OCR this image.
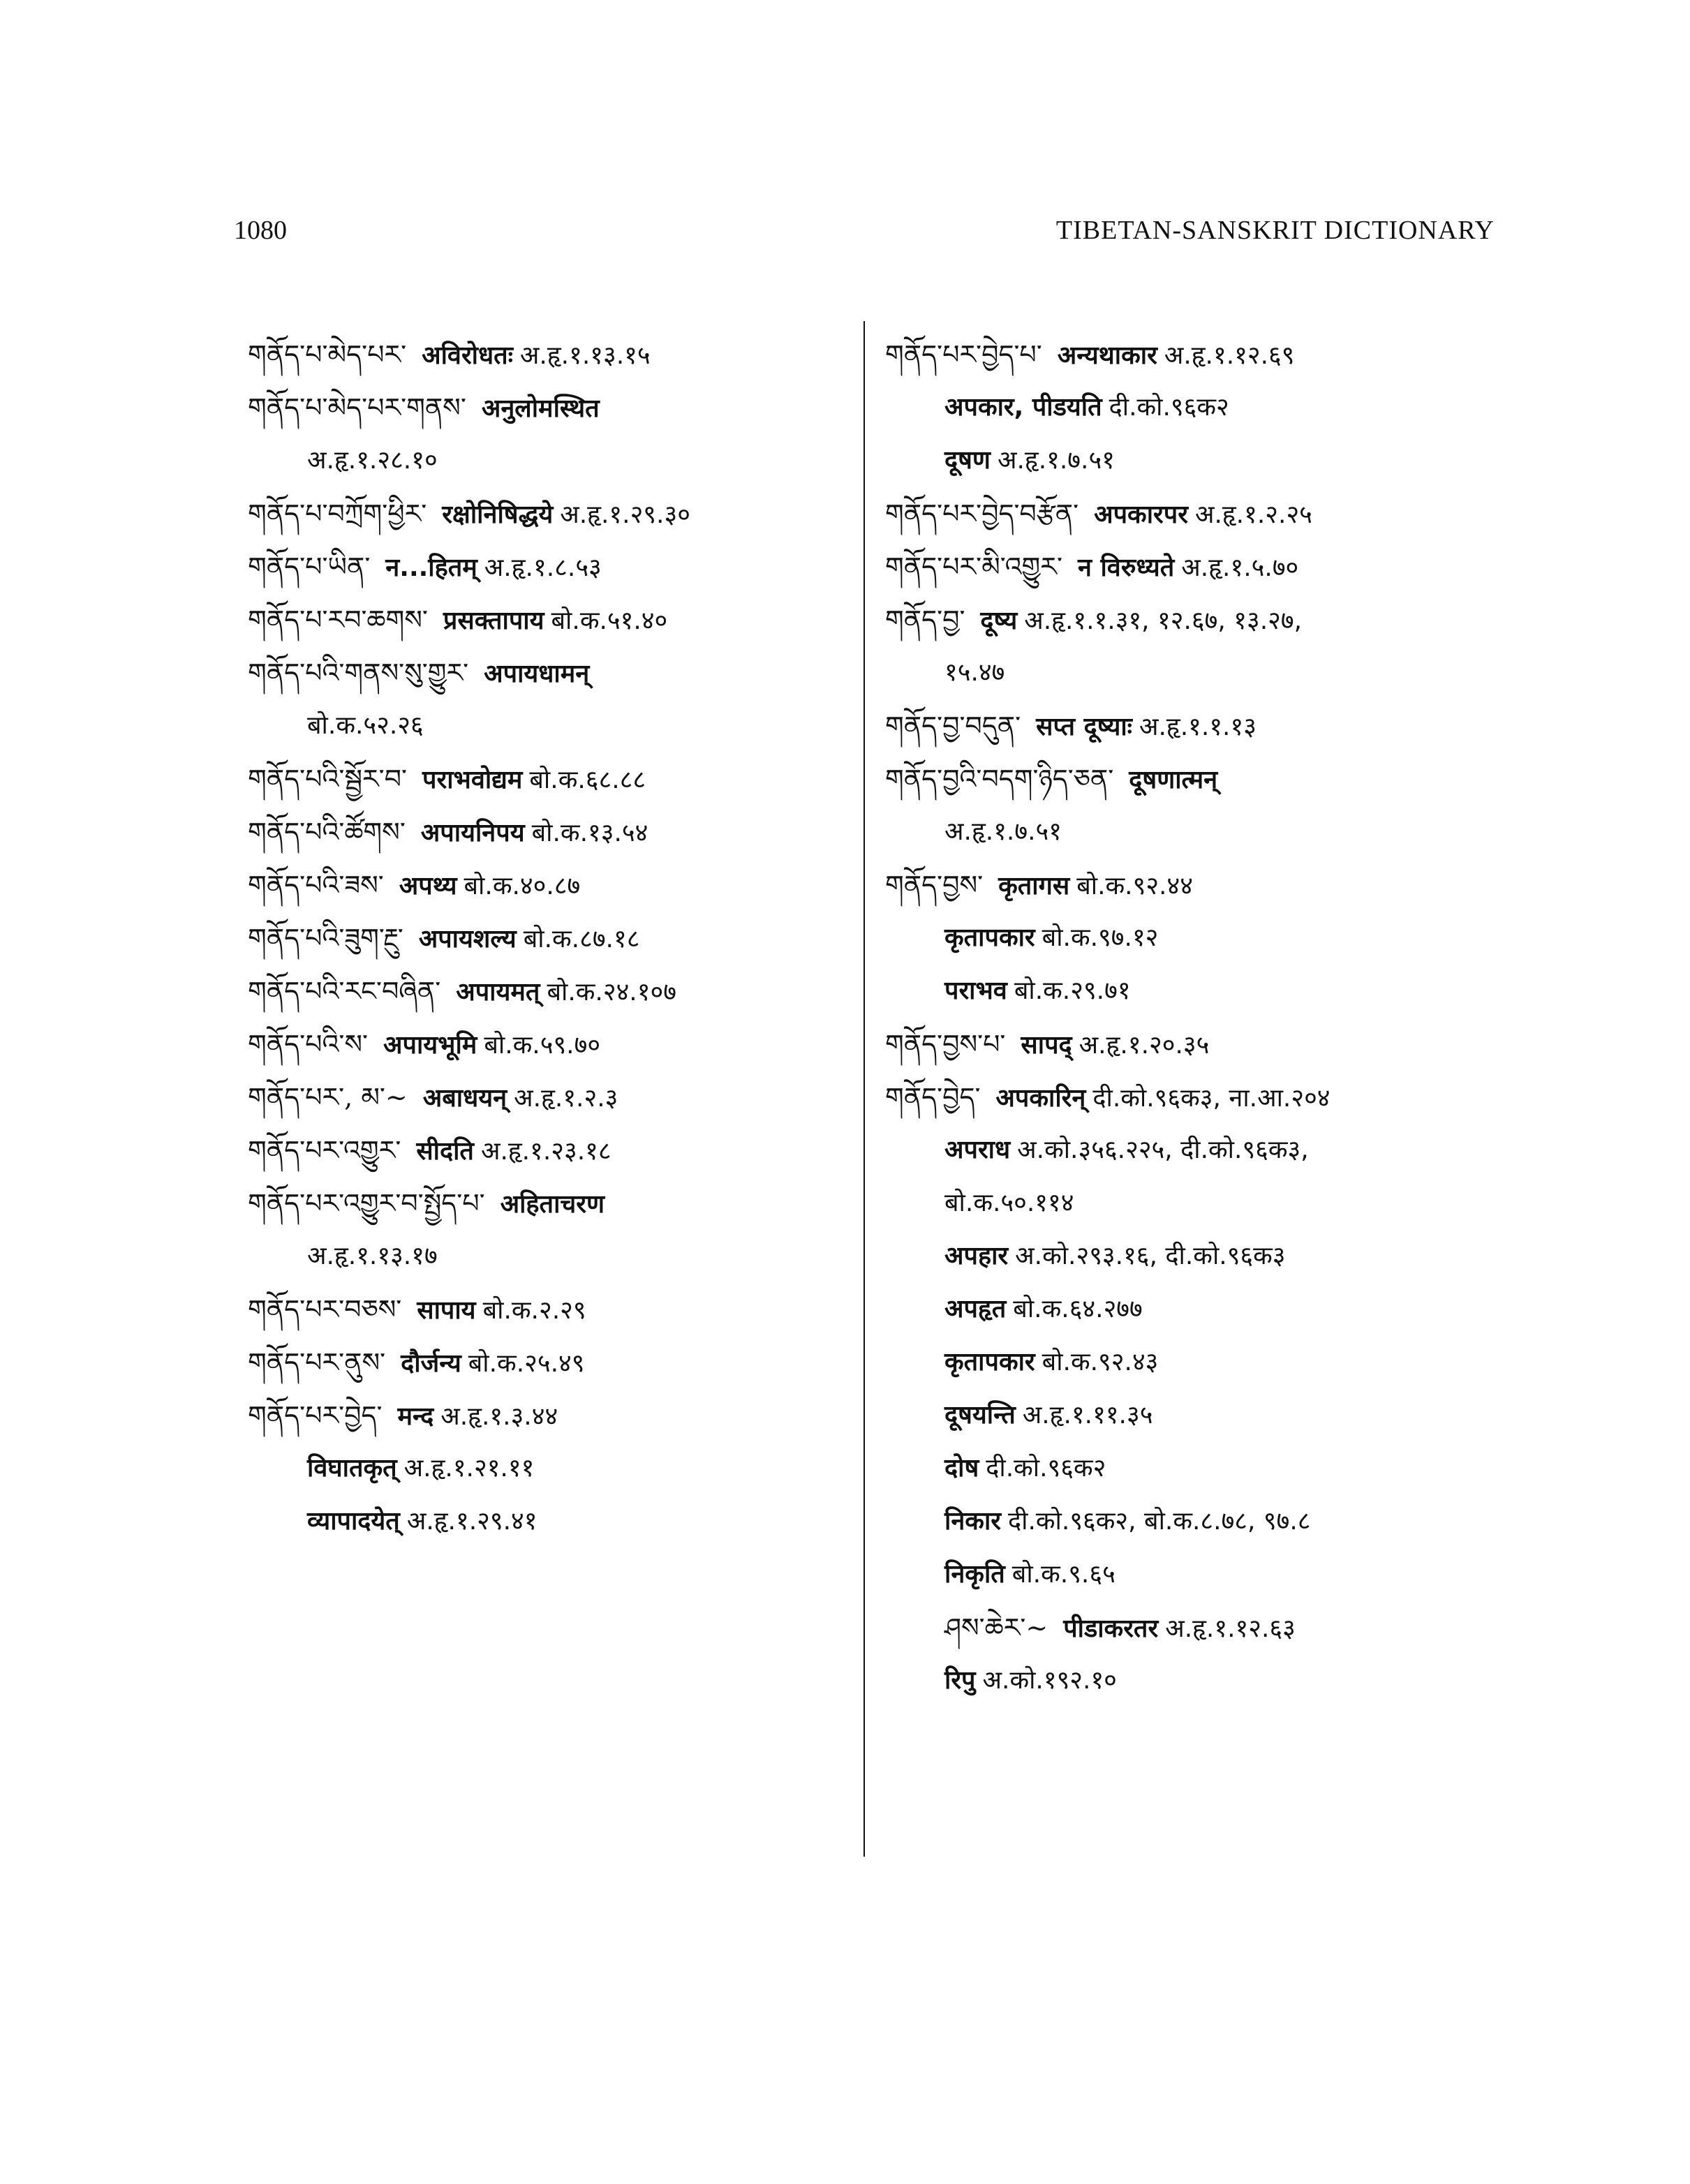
1080	TIBETAN-SANSKRIT DICTIONARY
གནོད་པ་མེད་པར་ अविरोधतः अ.हृ.१.१३.१५
གནོད་པ་མེད་པར་གནས་ अनुलोमस्थित
अ.हृ.१.२८.१०
གནོད་པ་བཀྲོག་ཕྱིར་ रक्षोनिषिद्धये अ.हृ.१.२९.३०
གནོད་པ་ཡིན་ न...हितम् अ.हृ.१.८.५३
གནོད་པ་རབ་ཆགས་ प्रसक्तापाय बो.क.५१.४०
གནོད་པའི་གནས་སུ་གྱུར་ अपायधामन्
बो.क.५२.२६
གནོད་པའི་སྦྱོར་བ་ पराभवोद्यम बो.क.६८.८८
གནོད་པའི་ཚོགས་ अपायनिपय बो.क.१३.५४
གནོད་པའི་ཟས་ अपथ्य बो.क.४०.८७
གནོད་པའི་ཟུག་རྔུ་ अपायशल्य बो.क.८७.१८
གནོད་པའི་རང་བཞིན་ अपायमत् बो.क.२४.१०७
གནོད་པའི་ས་ अपायभूमि बो.क.५९.७०
གནོད་པར་, མ་~ अबाधयन् अ.हृ.१.२.३
གནོད་པར་འགྱུར་ सीदति अ.हृ.१.२३.१८
གནོད་པར་འགྱུར་བ་སྤྱོད་པ་ अहिताचरण
अ.हृ.१.१३.१७
གནོད་པར་བཅས་ सापाय बो.क.२.२९
གནོད་པར་ནུས་ दौर्जन्य बो.क.२५.४९
གནོད་པར་བྱེད་ मन्द अ.हृ.१.३.४४
विघातकृत् अ.हृ.१.२१.११
व्यापादयेत् अ.हृ.१.२९.४१
གནོད་པར་བྱེད་པ་ अन्यथाकार अ.हृ.१.१२.६९
अपकार, पीडयति दी.को.९६क२
दूषण अ.हृ.१.७.५१
གནོད་པར་བྱེད་བརྩོན་ अपकारपर अ.हृ.१.२.२५
གནོད་པར་མི་འགྱུར་ न विरुध्यते अ.हृ.१.५.७०
གནོད་བྱ་ दूष्य अ.हृ.१.१.३१, १२.६७, १३.२७,
१५.४७
གནོད་བྱ་བདུན་ सप्त दूष्याः अ.हृ.१.१.१३
གནོད་བྱའི་བདག་ཉིད་ཅན་ दूषणात्मन्
अ.हृ.१.७.५१
གནོད་བྱས་ कृतागस बो.क.९२.४४
कृतापकार बो.क.९७.१२
पराभव बो.क.२९.७१
གནོད་བྱས་པ་ सापद् अ.हृ.१.२०.३५
གནོད་བྱེད་ अपकारिन् दी.को.९६क३, ना.आ.२०४
अपराध अ.को.३५६.२२५, दी.को.९६क३,
बो.क.५०.११४
अपहार अ.को.२९३.१६, दी.को.९६क३
अपहृत बो.क.६४.२७७
कृतापकार बो.क.९२.४३
दूषयन्ति अ.हृ.१.११.३५
दोष दी.को.९६क२
निकार दी.को.९६क२, बो.क.८.७८, ९७.८
निकृति बो.क.९.६५
ཤས་ཆེར་~ पीडाकरतर अ.हृ.१.१२.६३
रिपु अ.को.१९२.१०
